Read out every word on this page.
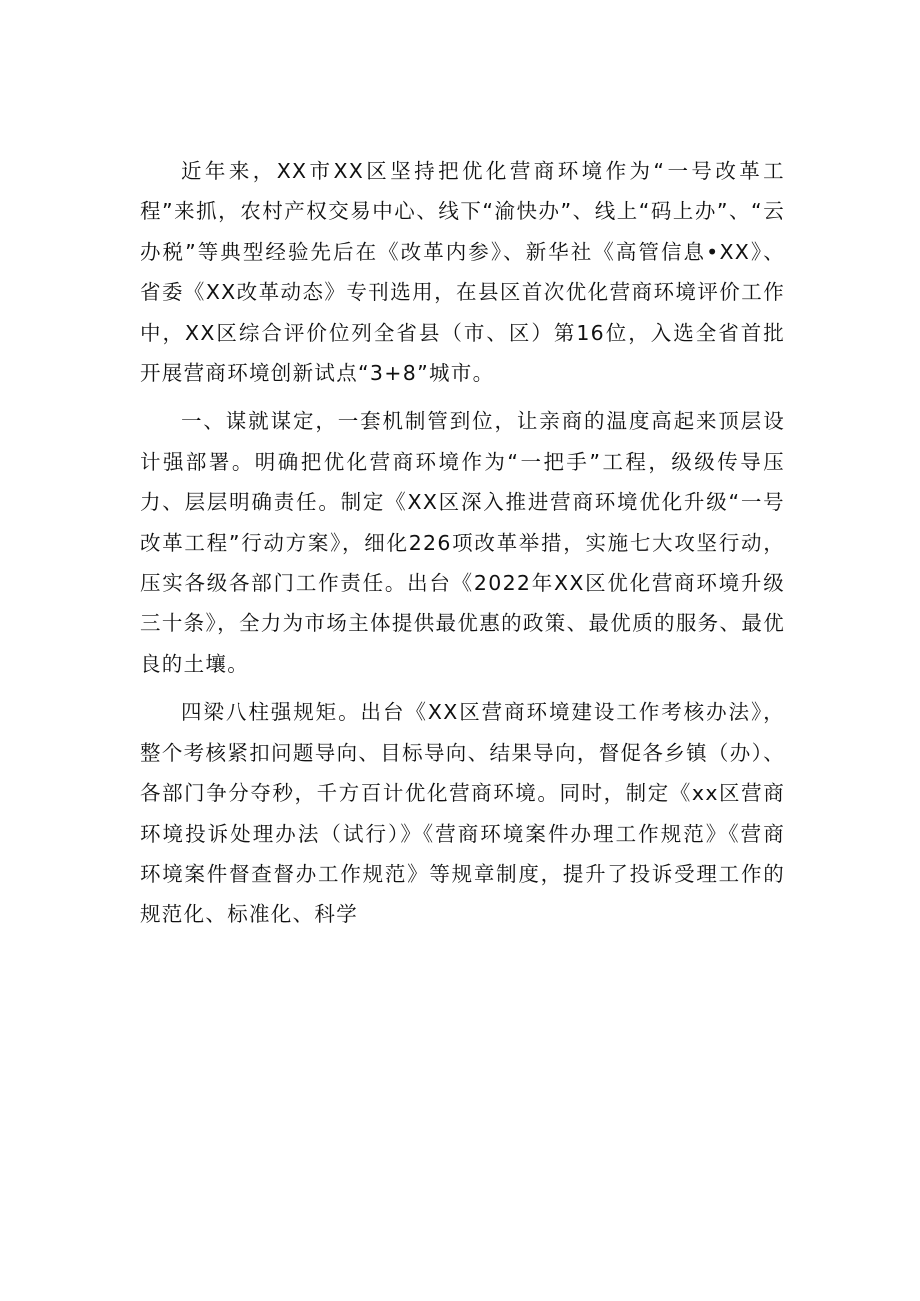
近年来，XX市XX区坚持把优化营商环境作为“一号改革工程”来抓，农村产权交易中心、线下“渝快办”、线上“码上办”、“云办税”等典型经验先后在《改革内参》、新华社《高管信息•XX》、省委《XX改革动态》专刊选用，在县区首次优化营商环境评价工作中，XX区综合评价位列全省县（市、区）第16位，入选全省首批开展营商环境创新试点“3+8”城市。

一、谋就谋定，一套机制管到位，让亲商的温度高起来顶层设计强部署。明确把优化营商环境作为“一把手”工程，级级传导压力、层层明确责任。制定《XX区深入推进营商环境优化升级“一号改革工程”行动方案》，细化226项改革举措，实施七大攻坚行动，压实各级各部门工作责任。出台《2022年XX区优化营商环境升级三十条》，全力为市场主体提供最优惠的政策、最优质的服务、最优良的土壤。

四梁八柱强规矩。出台《XX区营商环境建设工作考核办法》，整个考核紧扣问题导向、目标导向、结果导向，督促各乡镇（办）、各部门争分夺秒，千方百计优化营商环境。同时，制定《xx区营商环境投诉处理办法（试行）》《营商环境案件办理工作规范》《营商环境案件督查督办工作规范》等规章制度，提升了投诉受理工作的规范化、标准化、科学
